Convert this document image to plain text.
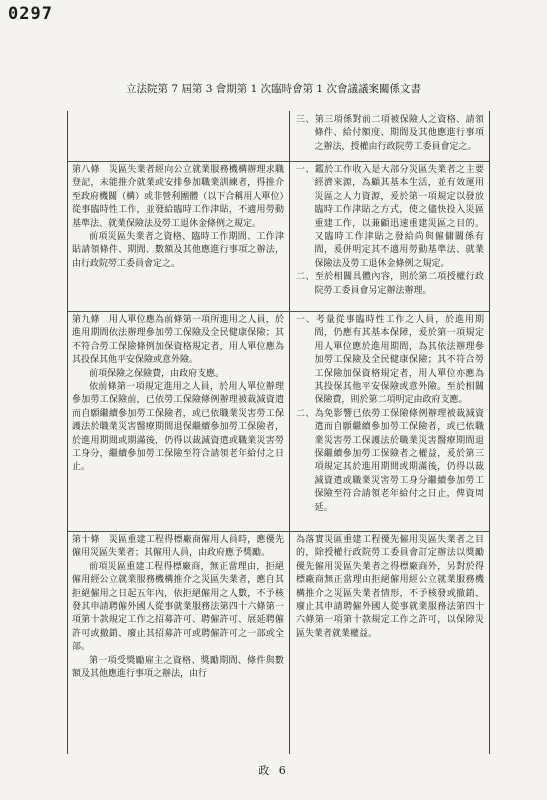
0297
立法院第 7 屆第 3 會期第 1 次臨時會第 1 次會議議案關係文書

三、第三項係對前二項被保險人之資格、請領條件、給付額度、期間及其他應進行事項之辦法，授權由行政院勞工委員會定之。

第八條　災區失業者經向公立就業服務機構辦理求職登記，未能推介就業或安排參加職業訓練者，得推介至政府機關（構）或非營利團體（以下合稱用人單位）從事臨時性工作，並發給臨時工作津貼，不適用勞動基準法、就業保險法及勞工退休金條例之規定。

前項災區失業者之資格、臨時工作期間、工作津貼請領條件、期間、數額及其他應進行事項之辦法，由行政院勞工委員會定之。

一、鑑於工作收入是大部分災區失業者之主要經濟來源，為顧其基本生活，並有效運用災區之人力資源，爰於第一項規定以發放臨時工作津貼之方式，使之儘快投入災區重建工作，以兼顧迅速重建災區之目的。又臨時工作津貼之發給尚與僱傭關係有間，爰併明定其不適用勞動基準法、就業保險法及勞工退休金條例之規定。

二、至於相關具體內容，則於第二項授權行政院勞工委員會另定辦法辦理。

第九條　用人單位應為前條第一項所進用之人員，於進用期間依法辦理參加勞工保險及全民健康保險；其不符合勞工保險條例加保資格規定者，用人單位應為其投保其他平安保險或意外險。

前項保險之保險費，由政府支應。

依前條第一項規定進用之人員，於用人單位辦理參加勞工保險前，已依勞工保險條例辦理被裁減資遣而自願繼續參加勞工保險者，或已依職業災害勞工保護法於職業災害醫療期間退保繼續參加勞工保險者，於進用期間或期滿後，仍得以裁減資遣或職業災害勞工身分，繼續參加勞工保險至符合請領老年給付之日止。

一、考量從事臨時性工作之人員，於進用期間，仍應有其基本保障，爰於第一項規定用人單位應於進用期間，為其依法辦理參加勞工保險及全民健康保險；其不符合勞工保險加保資格規定者，用人單位亦應為其投保其他平安保險或意外險。至於相關保險費，則於第二項明定由政府支應。

二、為免影響已依勞工保險條例辦理被裁減資遣而自願繼續參加勞工保險者，或已依職業災害勞工保護法於職業災害醫療期間退保繼續參加勞工保險者之權益，爰於第三項規定其於進用期間或期滿後，仍得以裁減資遣或職業災害勞工身分繼續參加勞工保險至符合請領老年給付之日止，俾資周延。

第十條　災區重建工程得標廠商僱用人員時，應優先僱用災區失業者；其僱用人員，由政府應予獎勵。

前項災區重建工程得標廠商，無正當理由，拒絕僱用經公立就業服務機構推介之災區失業者，應自其拒絕僱用之日起五年內，依拒絕僱用之人數，不予核發其申請聘僱外國人從事就業服務法第四十六條第一項第十款規定工作之招募許可、聘僱許可、展延聘僱許可或撤銷、廢止其招募許可或聘僱許可之一部或全部。

第一項受獎勵雇主之資格、獎勵期間、條件與數額及其他應進行事項之辦法，由行

為落實災區重建工程優先僱用災區失業者之目的，除授權行政院勞工委員會訂定辦法以獎勵優先僱用災區失業者之得標廠商外，另對於得標廠商無正當理由拒絕僱用經公立就業服務機構推介之災區失業者情形，不予核發或撤銷、廢止其申請聘僱外國人從事就業服務法第四十六條第一項第十款規定工作之許可，以保障災區失業者就業權益。

政 6
